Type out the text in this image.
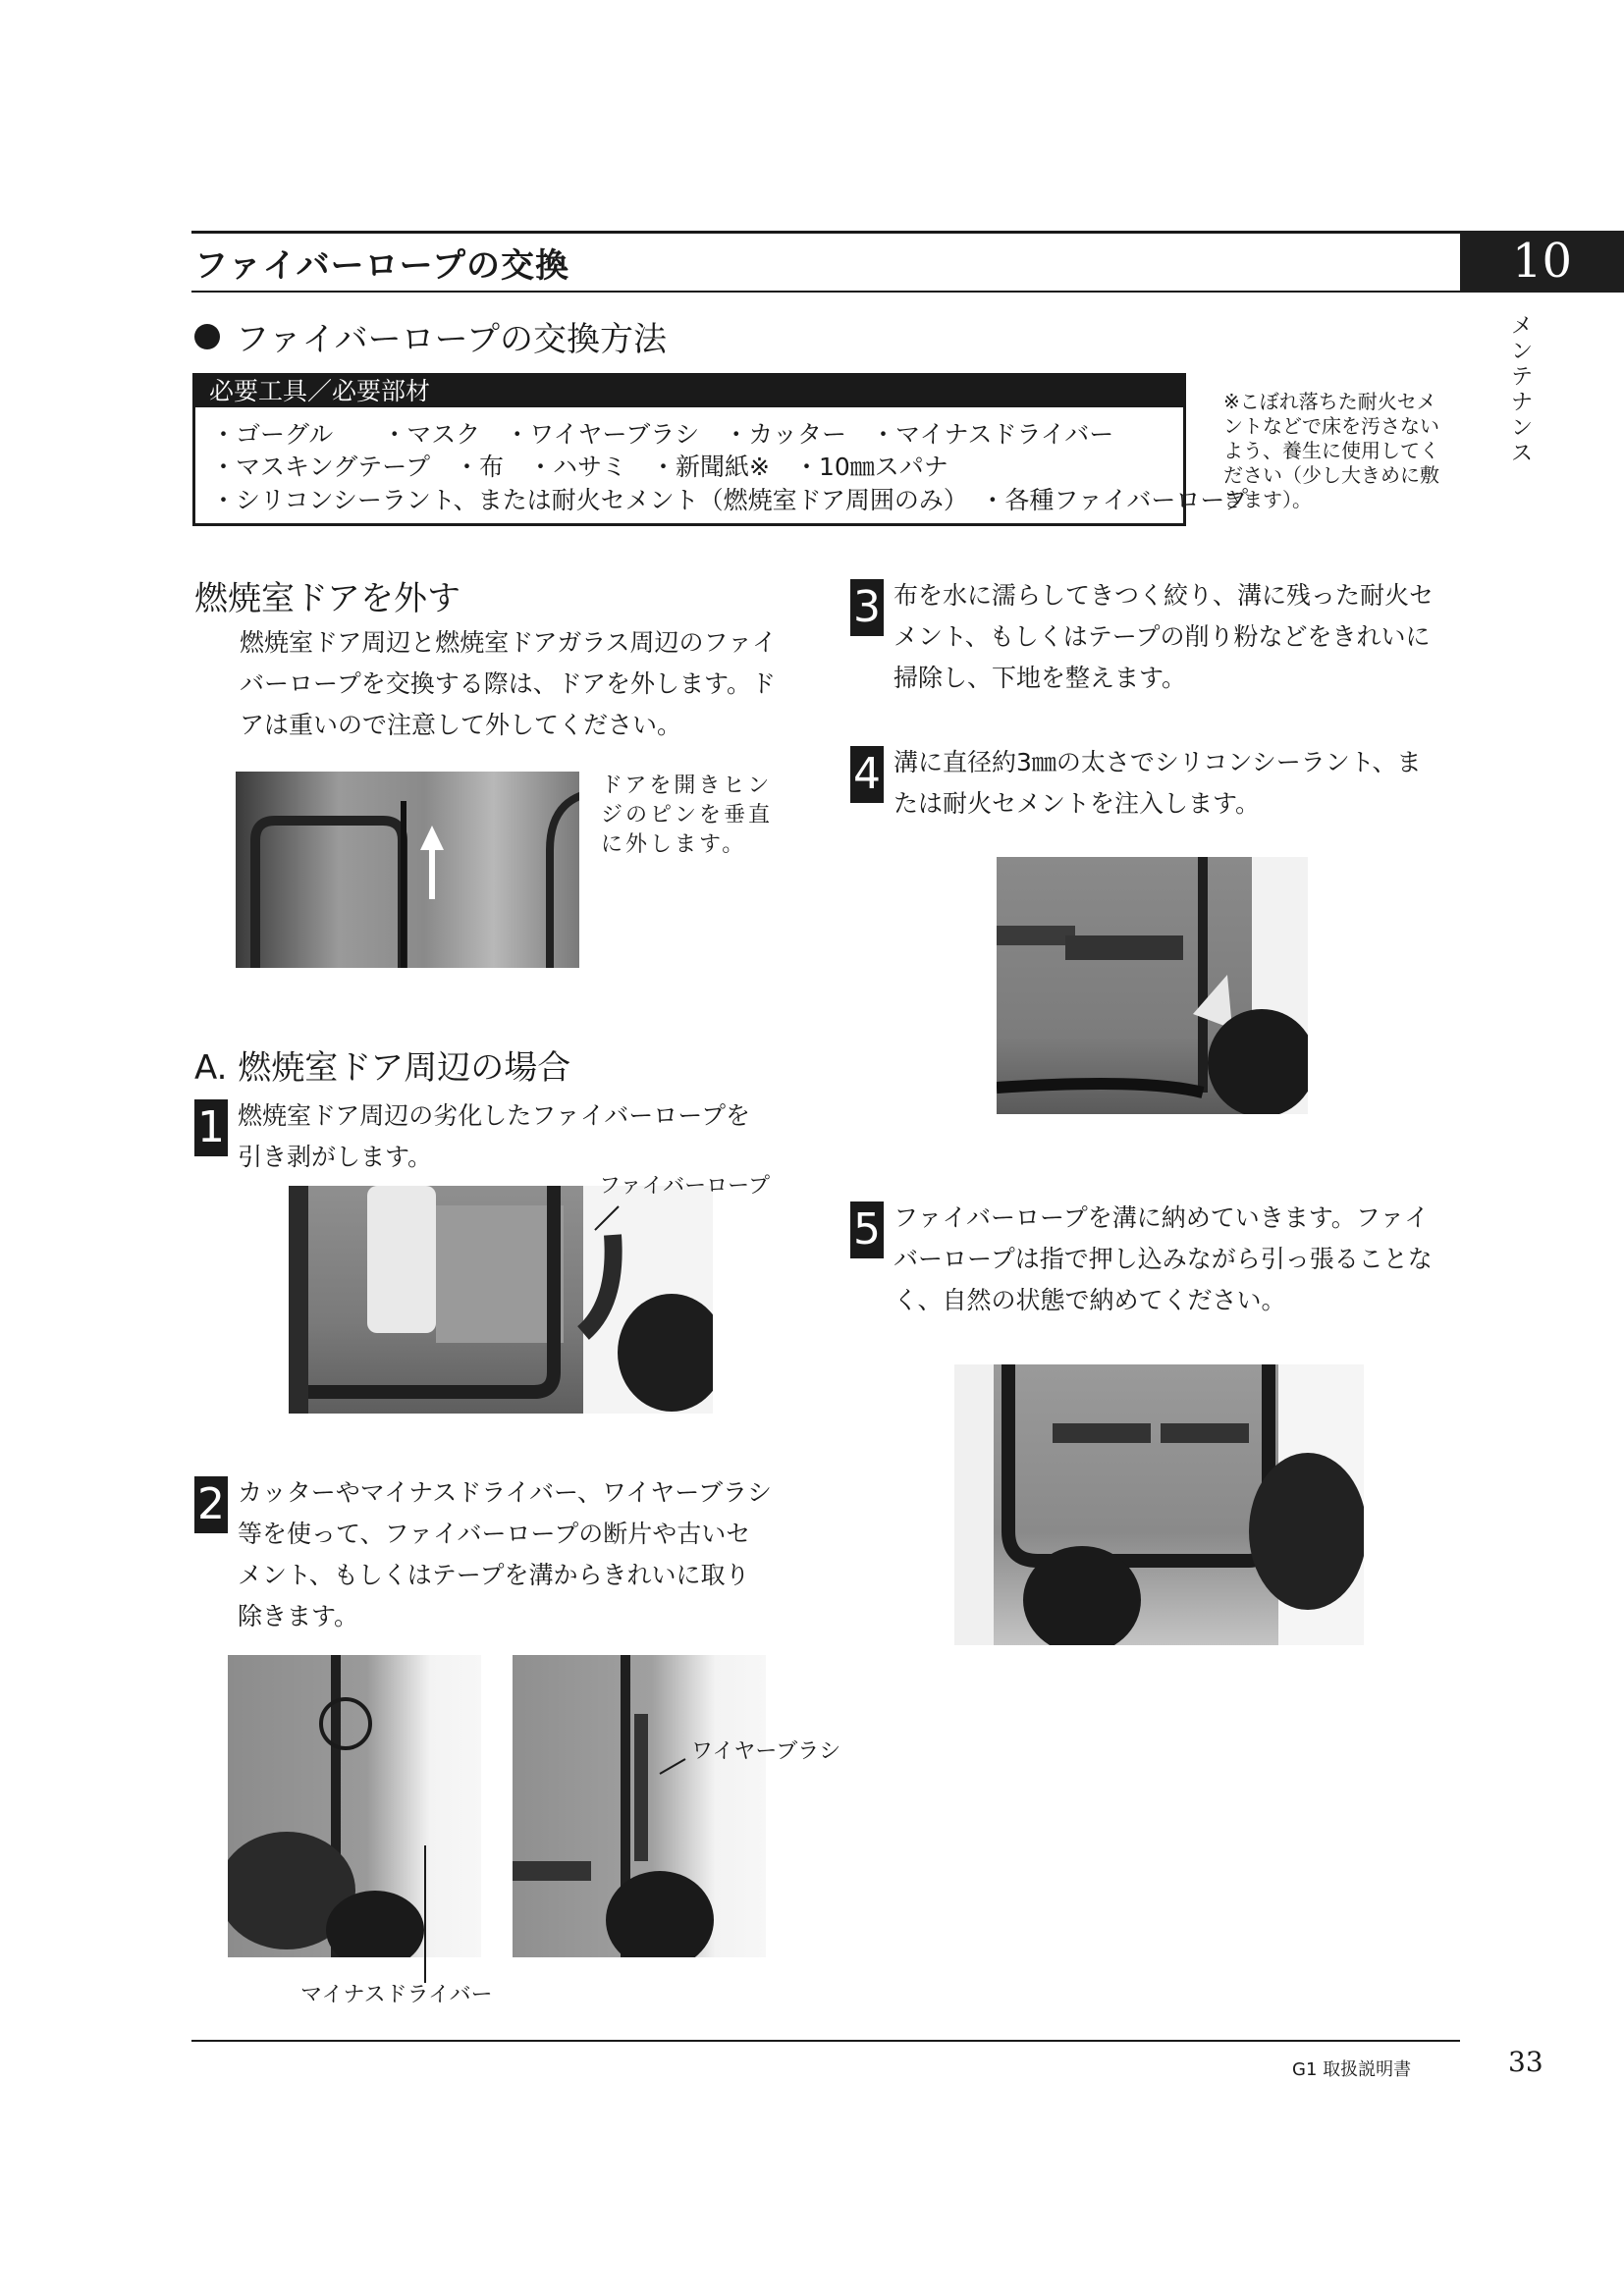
ファイバーロープの交換	10
メ
ン
テ
ナ
ン
ス
ファイバーロープの交換方法
必要工具／必要部材
・ゴーグル　　・マスク　・ワイヤーブラシ　・カッター　・マイナスドライバー
・マスキングテープ　・布　・ハサミ　・新聞紙※　・10㎜スパナ
・シリコンシーラント、または耐火セメント（燃焼室ドア周囲のみ）　・各種ファイバーロープ
※こぼれ落ちた耐火セメントなどで床を汚さないよう、養生に使用してください（少し大きめに敷きます）。
燃焼室ドアを外す
燃焼室ドア周辺と燃焼室ドアガラス周辺のファイバーロープを交換する際は、ドアを外します。ドアは重いので注意して外してください。
ドアを開きヒンジのピンを垂直に外します。
A. 燃焼室ドア周辺の場合
1 燃焼室ドア周辺の劣化したファイバーロープを引き剥がします。
ファイバーロープ
2 カッターやマイナスドライバー、ワイヤーブラシ等を使って、ファイバーロープの断片や古いセメント、もしくはテープを溝からきれいに取り除きます。
ワイヤーブラシ
マイナスドライバー
3 布を水に濡らしてきつく絞り、溝に残った耐火セメント、もしくはテープの削り粉などをきれいに掃除し、下地を整えます。
4 溝に直径約3㎜の太さでシリコンシーラント、または耐火セメントを注入します。
5 ファイバーロープを溝に納めていきます。ファイバーロープは指で押し込みながら引っ張ることなく、自然の状態で納めてください。
G1 取扱説明書	33
